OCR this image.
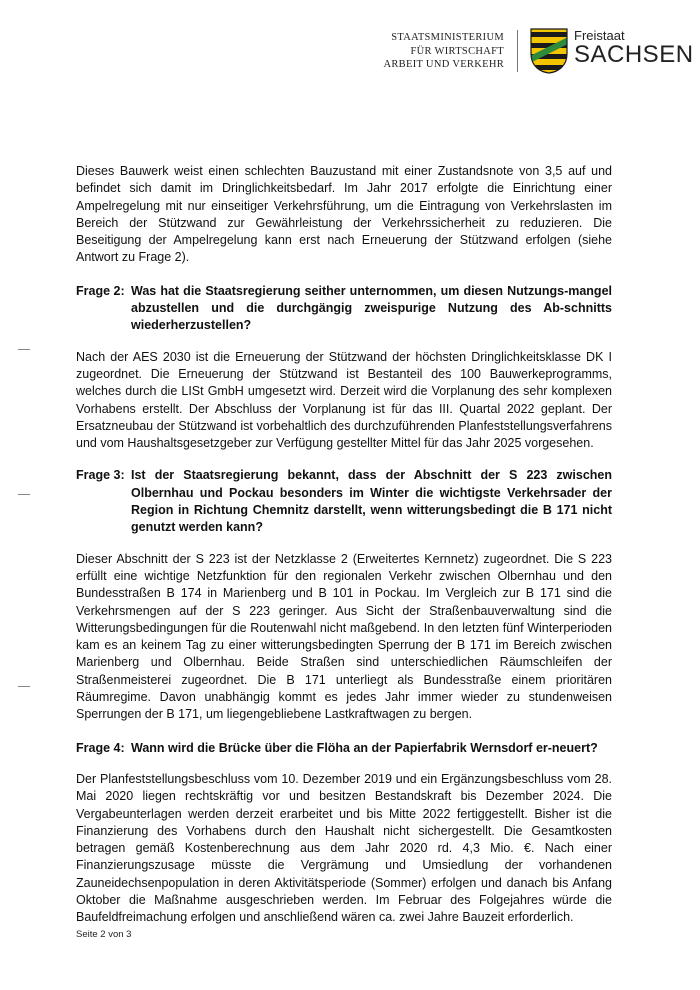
STAATSMINISTERIUM
FÜR WIRTSCHAFT
ARBEIT UND VERKEHR

Freistaat
SACHSEN

Dieses Bauwerk weist einen schlechten Bauzustand mit einer Zustandsnote von 3,5 auf und befindet sich damit im Dringlichkeitsbedarf. Im Jahr 2017 erfolgte die Einrichtung einer Ampelregelung mit nur einseitiger Verkehrsführung, um die Eintragung von Verkehrslasten im Bereich der Stützwand zur Gewährleistung der Verkehrssicherheit zu reduzieren. Die Beseitigung der Ampelregelung kann erst nach Erneuerung der Stützwand erfolgen (siehe Antwort zu Frage 2).

Frage 2: Was hat die Staatsregierung seither unternommen, um diesen Nutzungs-mangel abzustellen und die durchgängig zweispurige Nutzung des Ab-schnitts wiederherzustellen?

Nach der AES 2030 ist die Erneuerung der Stützwand der höchsten Dringlichkeitsklasse DK I zugeordnet. Die Erneuerung der Stützwand ist Bestanteil des 100 Bauwerkeprogramms, welches durch die LISt GmbH umgesetzt wird. Derzeit wird die Vorplanung des sehr komplexen Vorhabens erstellt. Der Abschluss der Vorplanung ist für das III. Quartal 2022 geplant. Der Ersatzneubau der Stützwand ist vorbehaltlich des durchzuführenden Planfeststellungsverfahrens und vom Haushaltsgesetzgeber zur Verfügung gestellter Mittel für das Jahr 2025 vorgesehen.

Frage 3: Ist der Staatsregierung bekannt, dass der Abschnitt der S 223 zwischen Olbernhau und Pockau besonders im Winter die wichtigste Verkehrsader der Region in Richtung Chemnitz darstellt, wenn witterungsbedingt die B 171 nicht genutzt werden kann?

Dieser Abschnitt der S 223 ist der Netzklasse 2 (Erweitertes Kernnetz) zugeordnet. Die S 223 erfüllt eine wichtige Netzfunktion für den regionalen Verkehr zwischen Olbernhau und den Bundesstraßen B 174 in Marienberg und B 101 in Pockau. Im Vergleich zur B 171 sind die Verkehrsmengen auf der S 223 geringer. Aus Sicht der Straßenbauverwaltung sind die Witterungsbedingungen für die Routenwahl nicht maßgebend. In den letzten fünf Winterperioden kam es an keinem Tag zu einer witterungsbedingten Sperrung der B 171 im Bereich zwischen Marienberg und Olbernhau. Beide Straßen sind unterschiedlichen Räumschleifen der Straßenmeisterei zugeordnet. Die B 171 unterliegt als Bundesstraße einem prioritären Räumregime. Davon unabhängig kommt es jedes Jahr immer wieder zu stundenweisen Sperrungen der B 171, um liegengebliebene Lastkraftwagen zu bergen.

Frage 4: Wann wird die Brücke über die Flöha an der Papierfabrik Wernsdorf er-neuert?

Der Planfeststellungsbeschluss vom 10. Dezember 2019 und ein Ergänzungsbeschluss vom 28. Mai 2020 liegen rechtskräftig vor und besitzen Bestandskraft bis Dezember 2024. Die Vergabeunterlagen werden derzeit erarbeitet und bis Mitte 2022 fertiggestellt. Bisher ist die Finanzierung des Vorhabens durch den Haushalt nicht sichergestellt. Die Gesamtkosten betragen gemäß Kostenberechnung aus dem Jahr 2020 rd. 4,3 Mio. €. Nach einer Finanzierungszusage müsste die Vergrämung und Umsiedlung der vorhandenen Zauneidechsenpopulation in deren Aktivitätsperiode (Sommer) erfolgen und danach bis Anfang Oktober die Maßnahme ausgeschrieben werden. Im Februar des Folgejahres würde die Baufeldfreimachung erfolgen und anschließend wären ca. zwei Jahre Bauzeit erforderlich.

Seite 2 von 3
